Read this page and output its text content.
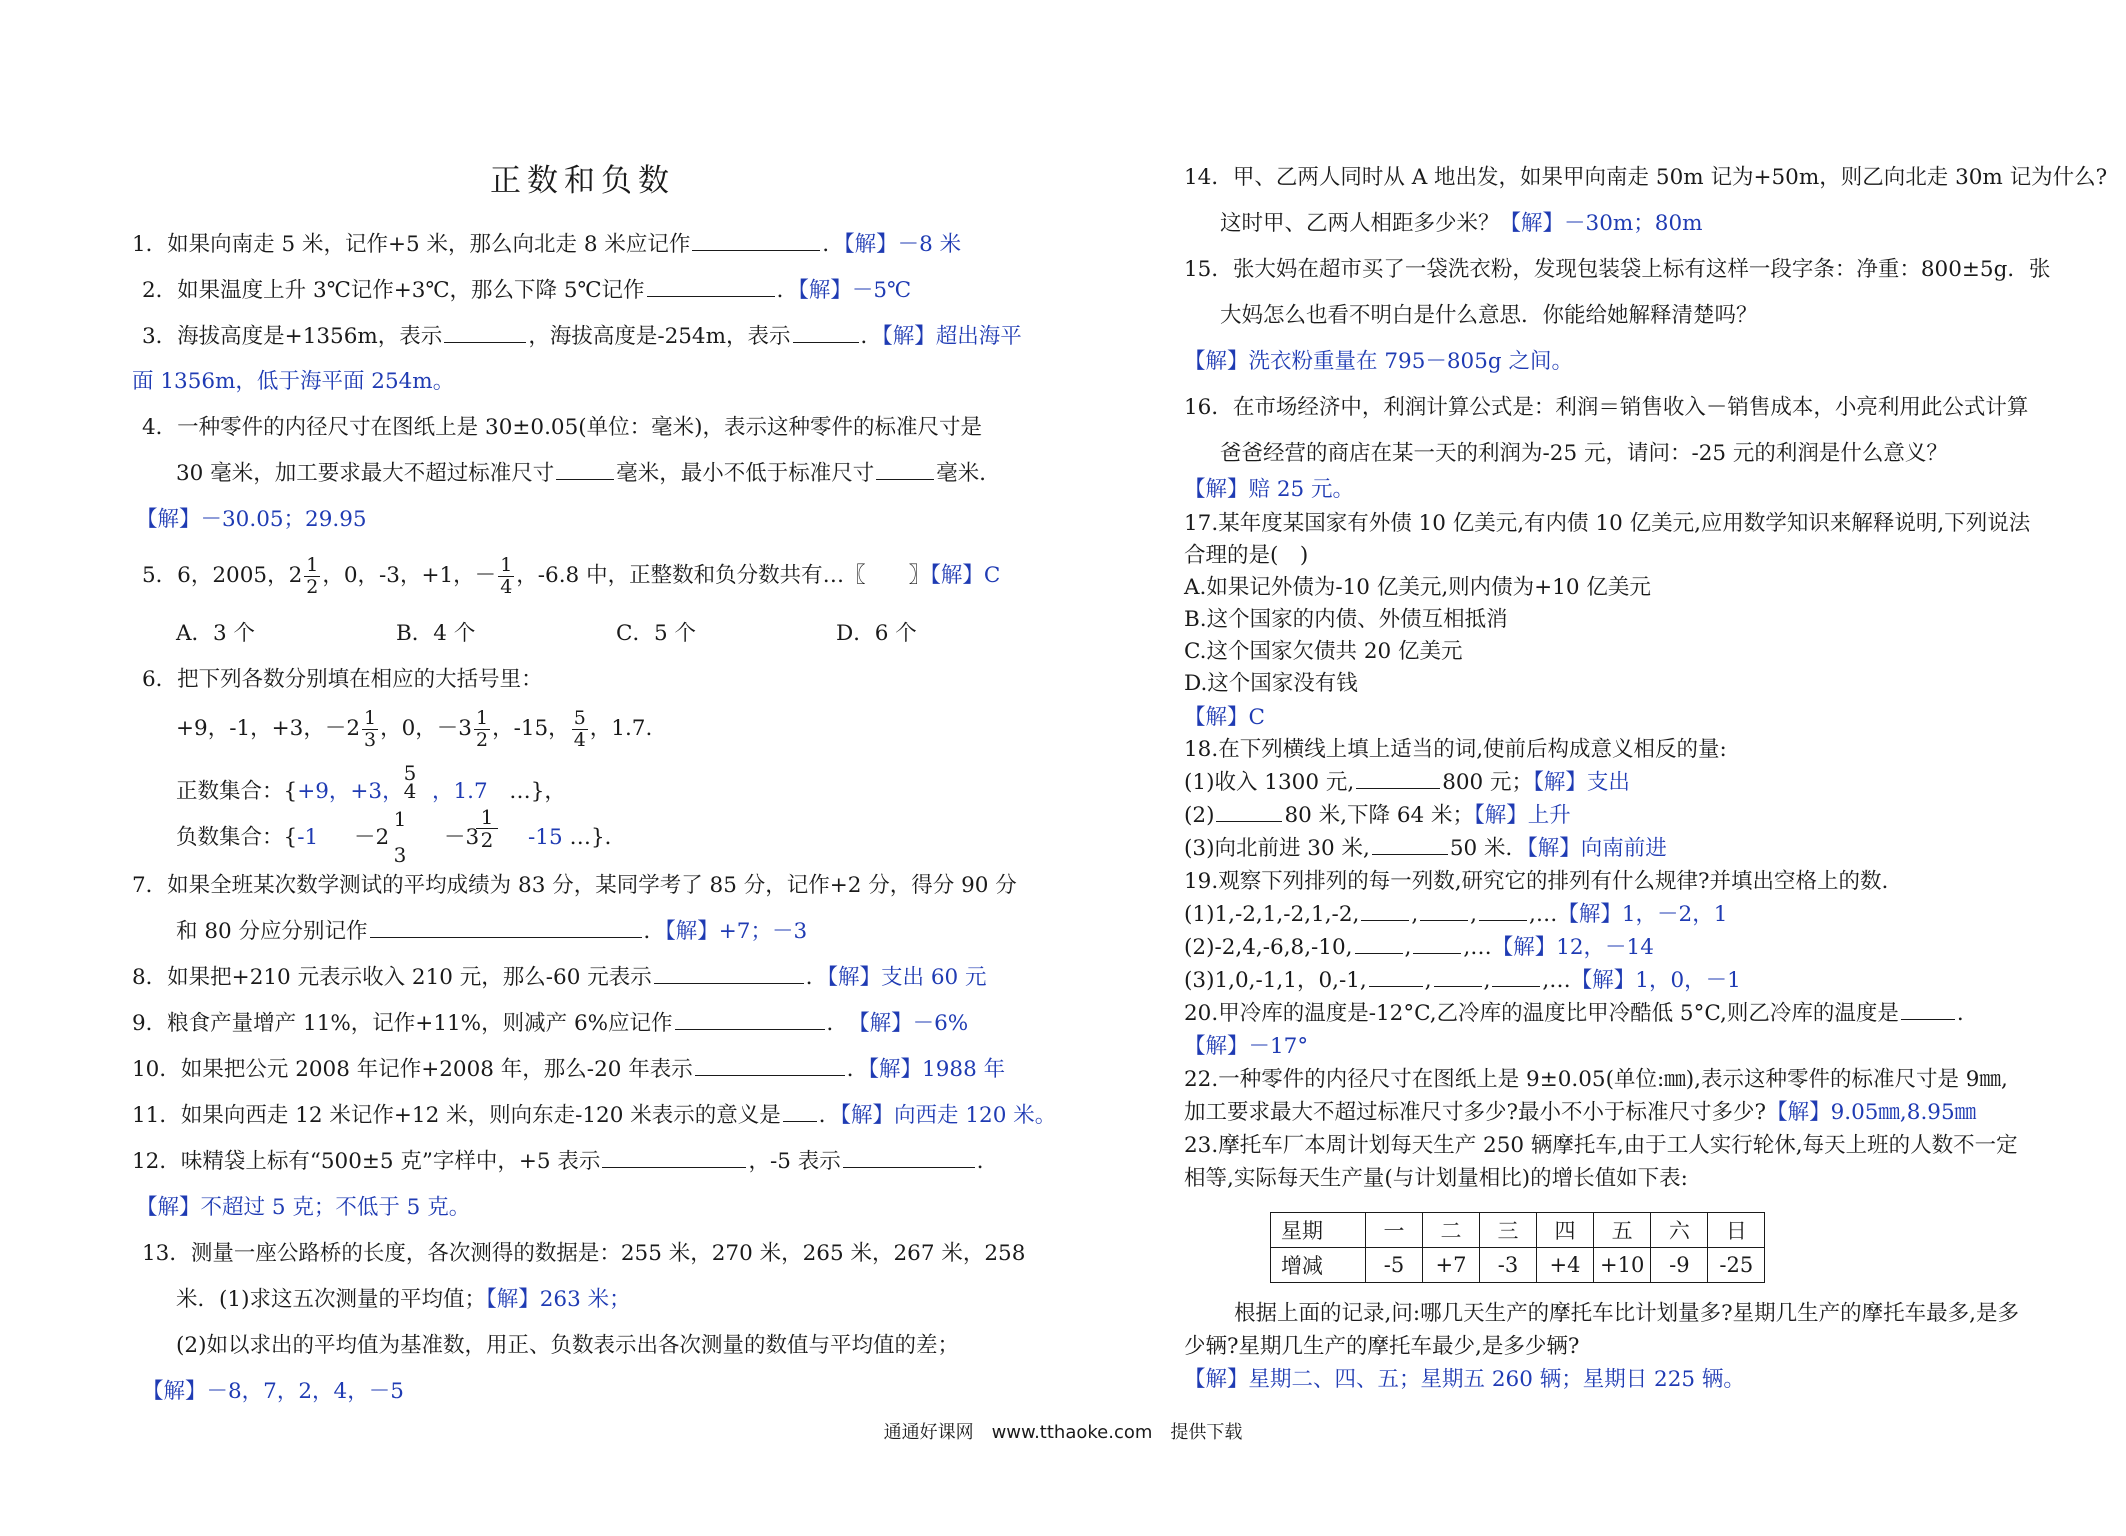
正数和负数
1．如果向南走 5 米，记作+5 米，那么向北走 8 米应记作	．【解】－8 米
2．如果温度上升 3℃记作+3℃，那么下降 5℃记作	．【解】－5℃
3．海拔高度是+1356m，表示	，海拔高度是-254m，表示	．【解】超出海平
面 1356m，低于海平面 254m。
4．一种零件的内径尺寸在图纸上是 30±0.05(单位：毫米)，表示这种零件的标准尺寸是
30 毫米，加工要求最大不超过标准尺寸	毫米，最小不低于标准尺寸	毫米．
【解】－30.05；29.95
5．6，2005，$2 \frac{1}{2}$ ，0，-3，+1，－ $\frac{1}{4}$ ，-6.8 中，正整数和负分数共有…〖　　〗【解】C
A．3 个	B．4 个	C．5 个	D．6 个
6．把下列各数分别填在相应的大括号里：
+9，-1，+3，$-2 \frac{1}{3}$ ，0，$-3 \frac{1}{2}$ ，-15， $\frac{5}{4}$ ，1.7.
正数集合：{+9，+3，
5
4 ，1.7　 …}，
负数集合：{-1 －2
1
3
－3
$\frac{1}{2} -15$ …}．
7．如果全班某次数学测试的平均成绩为 83 分，某同学考了 85 分，记作+2 分，得分 90 分
和 80 分应分别记作	．【解】+7；－3
8．如果把+210 元表示收入 210 元，那么-60 元表示	．【解】支出 60 元
9．粮食产量增产 11%，记作+11%，则减产 6%应记作	．　 【解】－6%
10．如果把公元 2008 年记作+2008 年，那么-20 年表示	．【解】1988 年
11．如果向西走 12 米记作+12 米，则向东走-120 米表示的意义是 ．【解】向西走 120 米。
12．味精袋上标有“500±5 克”字样中，+5 表示	，-5 表示	．
【解】不超过 5 克；不低于 5 克。
13．测量一座公路桥的长度，各次测得的数据是：255 米，270 米，265 米，267 米，258
米．(1)求这五次测量的平均值；【解】263 米；
(2)如以求出的平均值为基准数，用正、负数表示出各次测量的数值与平均值的差；
【解】－8，7，2，4，－5
14．甲、乙两人同时从 A 地出发，如果甲向南走 50m 记为+50m，则乙向北走 30m 记为什么?
这时甲、乙两人相距多少米？【解】－30m；80m
15．张大妈在超市买了一袋洗衣粉，发现包装袋上标有这样一段字条：净重：800±5g．张
大妈怎么也看不明白是什么意思．你能给她解释清楚吗？
【解】洗衣粉重量在 795－805g 之间。
16．在市场经济中，利润计算公式是：利润＝销售收入－销售成本，小亮利用此公式计算
爸爸经营的商店在某一天的利润为-25 元，请问：-25 元的利润是什么意义？
【解】赔 25 元。
17.某年度某国家有外债 10 亿美元,有内债 10 亿美元,应用数学知识来解释说明,下列说法
合理的是(　)
A.如果记外债为-10 亿美元,则内债为+10 亿美元
B.这个国家的内债、外债互相抵消
C.这个国家欠债共 20 亿美元
D.这个国家没有钱
【解】C
18.在下列横线上填上适当的词,使前后构成意义相反的量:
(1)收入 1300 元,	800 元；【解】支出
(2)	80 米,下降 64 米；【解】上升
(3)向北前进 30 米,	50 米．【解】向南前进
19.观察下列排列的每一列数,研究它的排列有什么规律?并填出空格上的数.
(1)1,-2,1,-2,1,-2, , , ,…【解】1，－2，1
(2)-2,4,-6,8,-10, , ,…【解】12，－14
(3)1,0,-1,1，0,-1,	, , ,…【解】1，0，－1
20.甲冷库的温度是-12°C,乙冷库的温度比甲冷酷低 5°C,则乙冷库的温度是	.
【解】－17°
22.一种零件的内径尺寸在图纸上是 9±0.05(单位:㎜),表示这种零件的标准尺寸是 9㎜,
加工要求最大不超过标准尺寸多少?最小不小于标准尺寸多少?【解】9.05㎜,8.95㎜
23.摩托车厂本周计划每天生产 250 辆摩托车,由于工人实行轮休,每天上班的人数不一定
相等,实际每天生产量(与计划量相比)的增长值如下表:
星期	一	二	三	四	五	六	日
增减	-5	+7	-3	+4	+10	-9	-25
根据上面的记录,问:哪几天生产的摩托车比计划量多?星期几生产的摩托车最多,是多
少辆?星期几生产的摩托车最少,是多少辆?
【解】星期二、四、五；星期五 260 辆；星期日 225 辆。
通通好课网　www.tthaoke.com　提供下载
